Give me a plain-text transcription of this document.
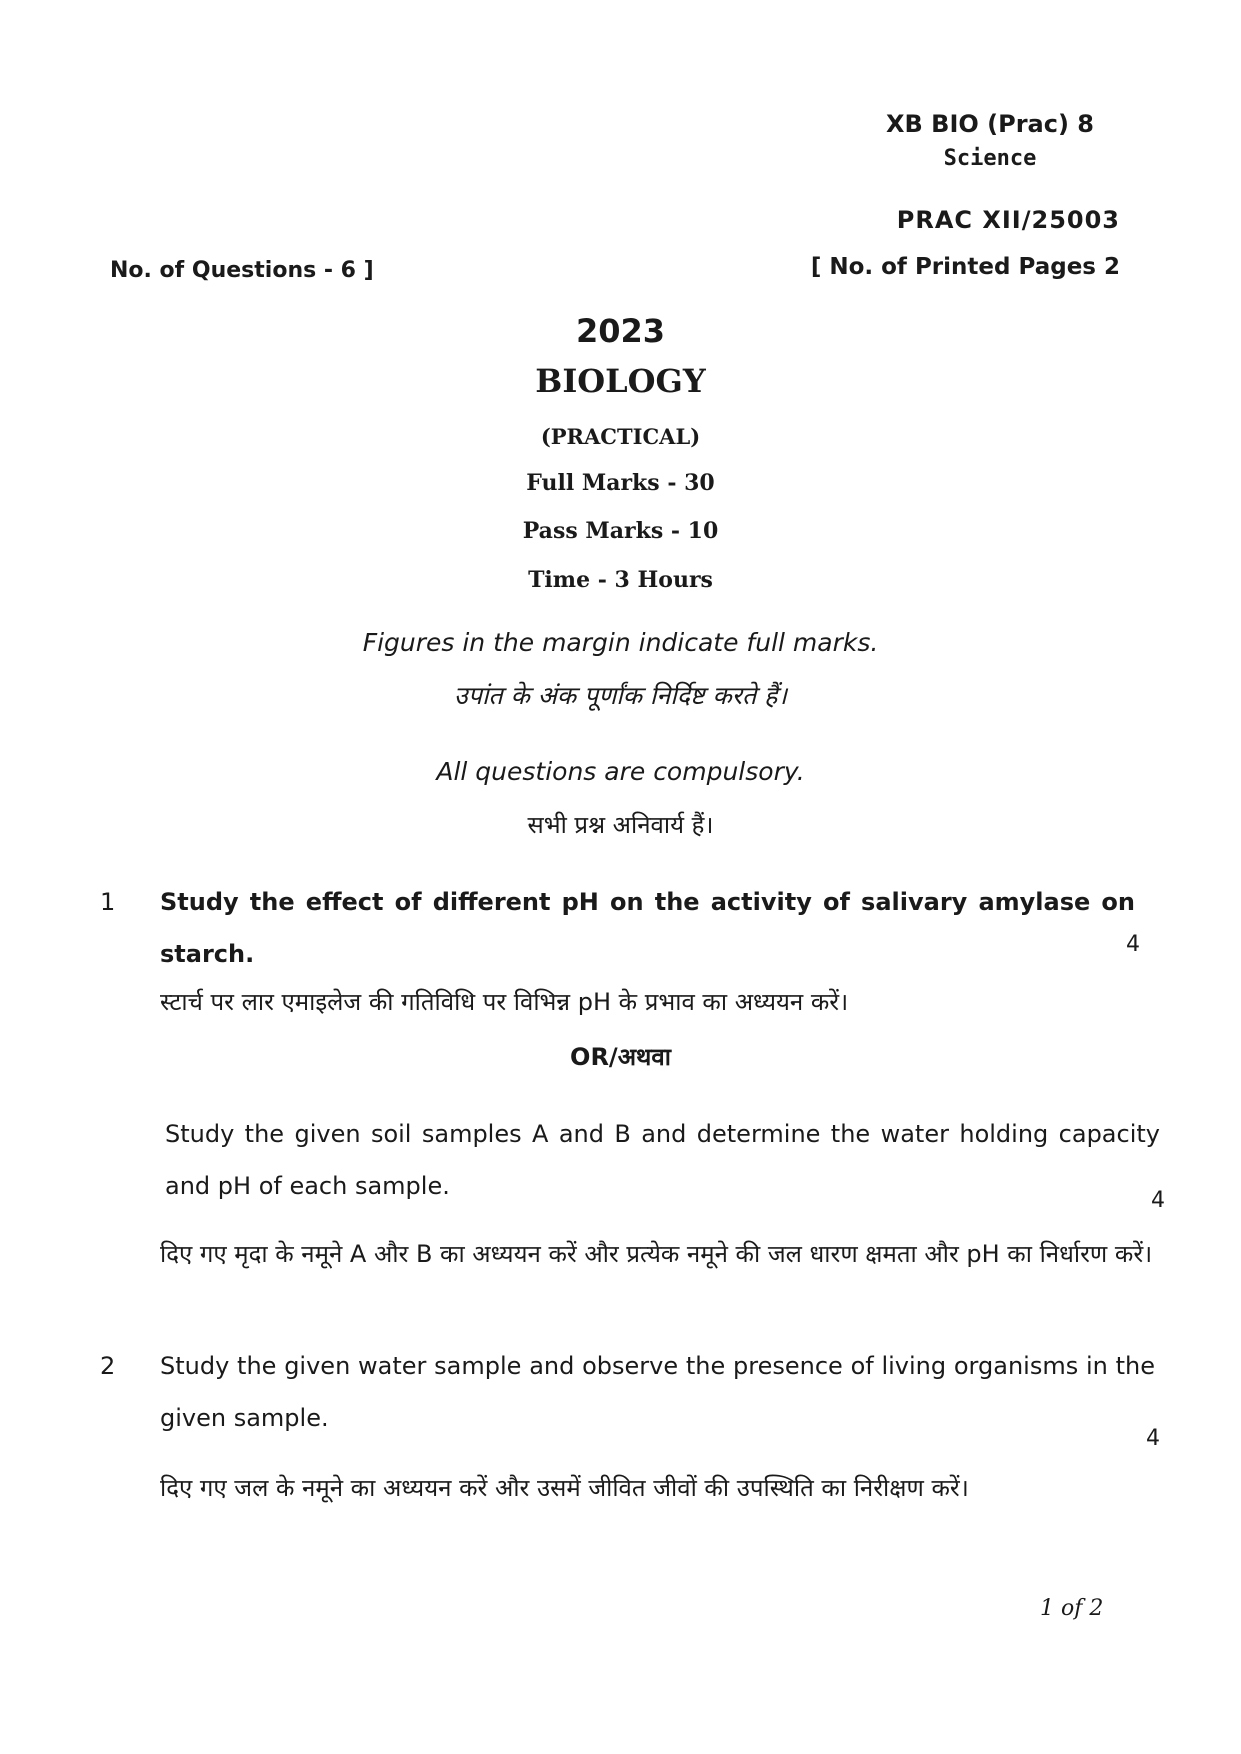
XB BIO (Prac) 8
Science
PRAC XII/25003
No. of Questions - 6 ]	[ No. of Printed Pages 2
2023
BIOLOGY
(PRACTICAL)
Full Marks - 30
Pass Marks - 10
Time - 3 Hours
Figures in the margin indicate full marks.
उपांत के अंक पूर्णांक निर्दिष्ट करते हैं।
All questions are compulsory.
सभी प्रश्न अनिवार्य हैं।
1 Study the effect of different pH on the activity of salivary amylase on starch.	4
स्टार्च पर लार एमाइलेज की गतिविधि पर विभिन्न pH के प्रभाव का अध्ययन करें।
OR/अथवा
Study the given soil samples A and B and determine the water holding capacity and pH of each sample.
4
दिए गए मृदा के नमूने A और B का अध्ययन करें और प्रत्येक नमूने की जल धारण क्षमता और pH का निर्धारण करें।
2 Study the given water sample and observe the presence of living organisms in the given sample.
4
दिए गए जल के नमूने का अध्ययन करें और उसमें जीवित जीवों की उपस्थिति का निरीक्षण करें।
1 of 2
